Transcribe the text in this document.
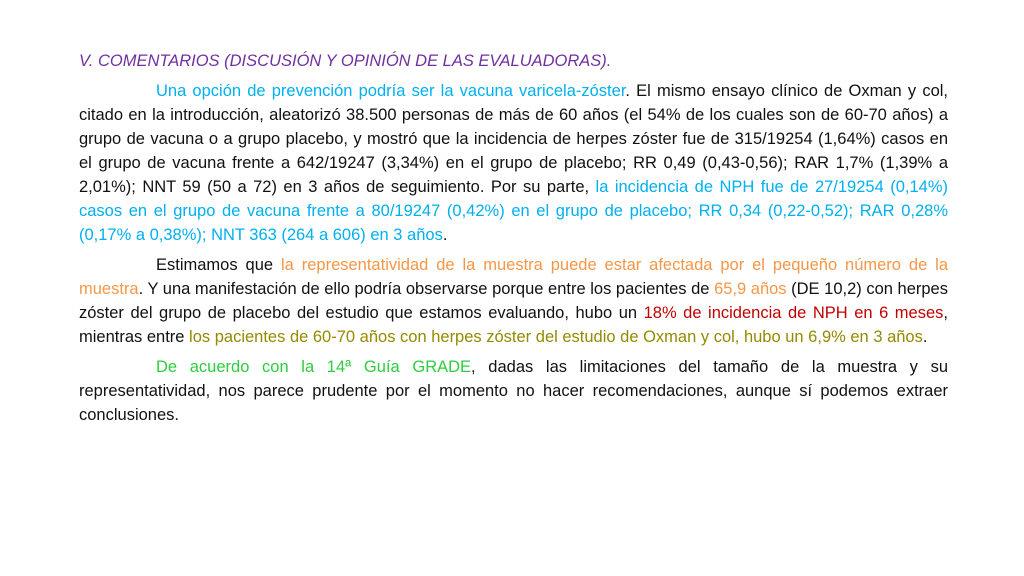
V. COMENTARIOS (DISCUSIÓN Y OPINIÓN DE LAS EVALUADORAS).

Una opción de prevención podría ser la vacuna varicela-zóster. El mismo ensayo clínico de Oxman y col, citado en la introducción, aleatorizó 38.500 personas de más de 60 años (el 54% de los cuales son de 60-70 años) a grupo de vacuna o a grupo placebo, y mostró que la incidencia de herpes zóster fue de 315/19254 (1,64%) casos en el grupo de vacuna frente a 642/19247 (3,34%) en el grupo de placebo; RR 0,49 (0,43-0,56); RAR 1,7% (1,39% a 2,01%); NNT 59 (50 a 72) en 3 años de seguimiento. Por su parte, la incidencia de NPH fue de 27/19254 (0,14%) casos en el grupo de vacuna frente a 80/19247 (0,42%) en el grupo de placebo; RR 0,34 (0,22-0,52); RAR 0,28% (0,17% a 0,38%); NNT 363 (264 a 606) en 3 años.

Estimamos que la representatividad de la muestra puede estar afectada por el pequeño número de la muestra. Y una manifestación de ello podría observarse porque entre los pacientes de 65,9 años (DE 10,2) con herpes zóster del grupo de placebo del estudio que estamos evaluando, hubo un 18% de incidencia de NPH en 6 meses, mientras entre los pacientes de 60-70 años con herpes zóster del estudio de Oxman y col, hubo un 6,9% en 3 años.

De acuerdo con la 14ª Guía GRADE, dadas las limitaciones del tamaño de la muestra y su representatividad, nos parece prudente por el momento no hacer recomendaciones, aunque sí podemos extraer conclusiones.
